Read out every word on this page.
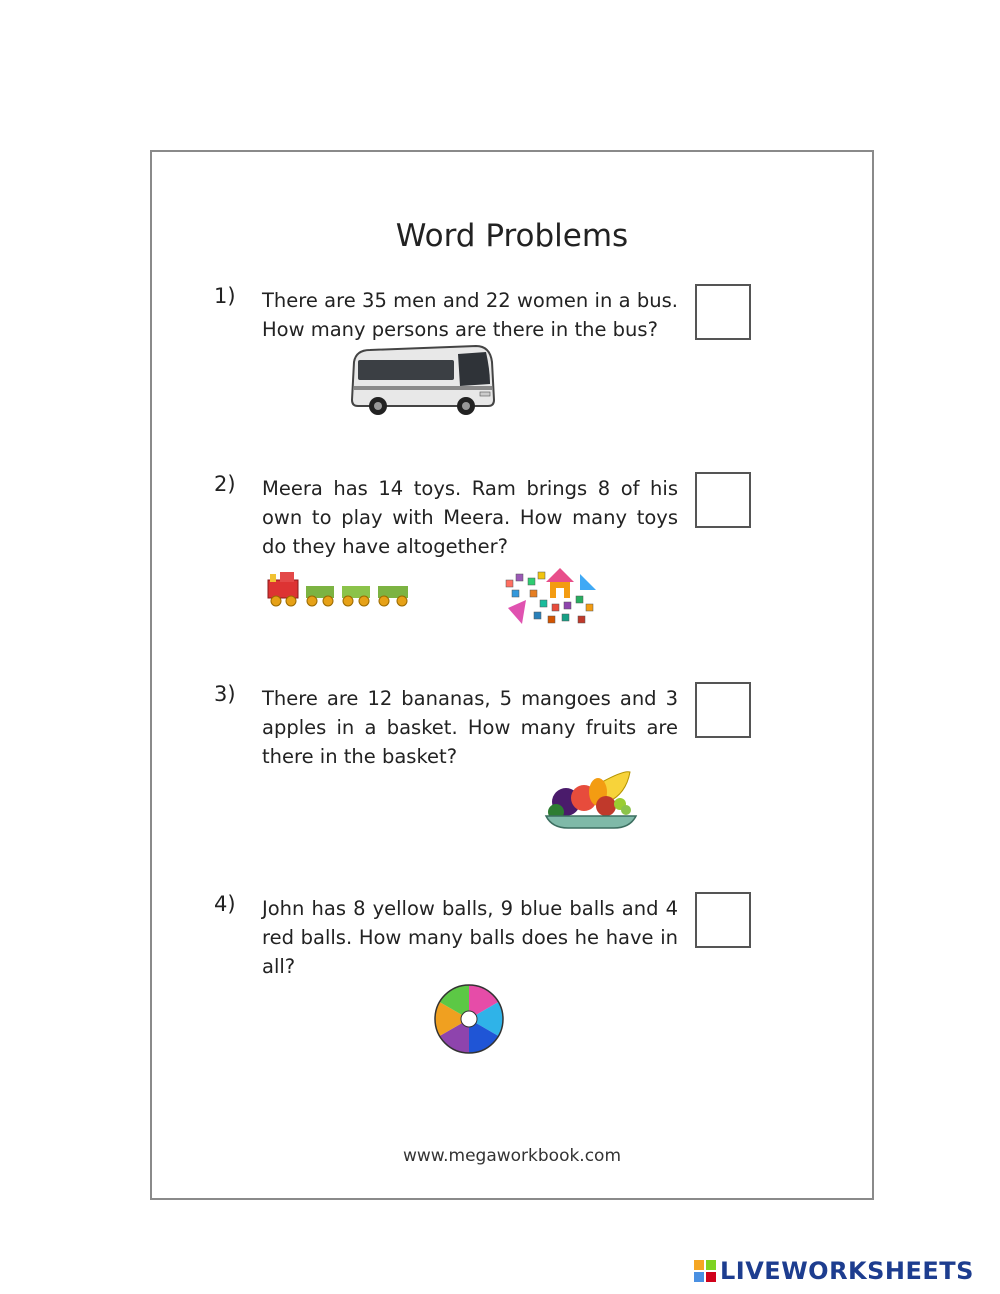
Word Problems
1) There are 35 men and 22 women in a bus. How many persons are there in the bus?
2) Meera has 14 toys. Ram brings 8 of his own to play with Meera. How many toys do they have altogether?
3) There are 12 bananas, 5 mangoes and 3 apples in a basket. How many fruits are there in the basket?
4) John has 8 yellow balls, 9 blue balls and 4 red balls. How many balls does he have in all?
www.megaworkbook.com
LIVEWORKSHEETS
